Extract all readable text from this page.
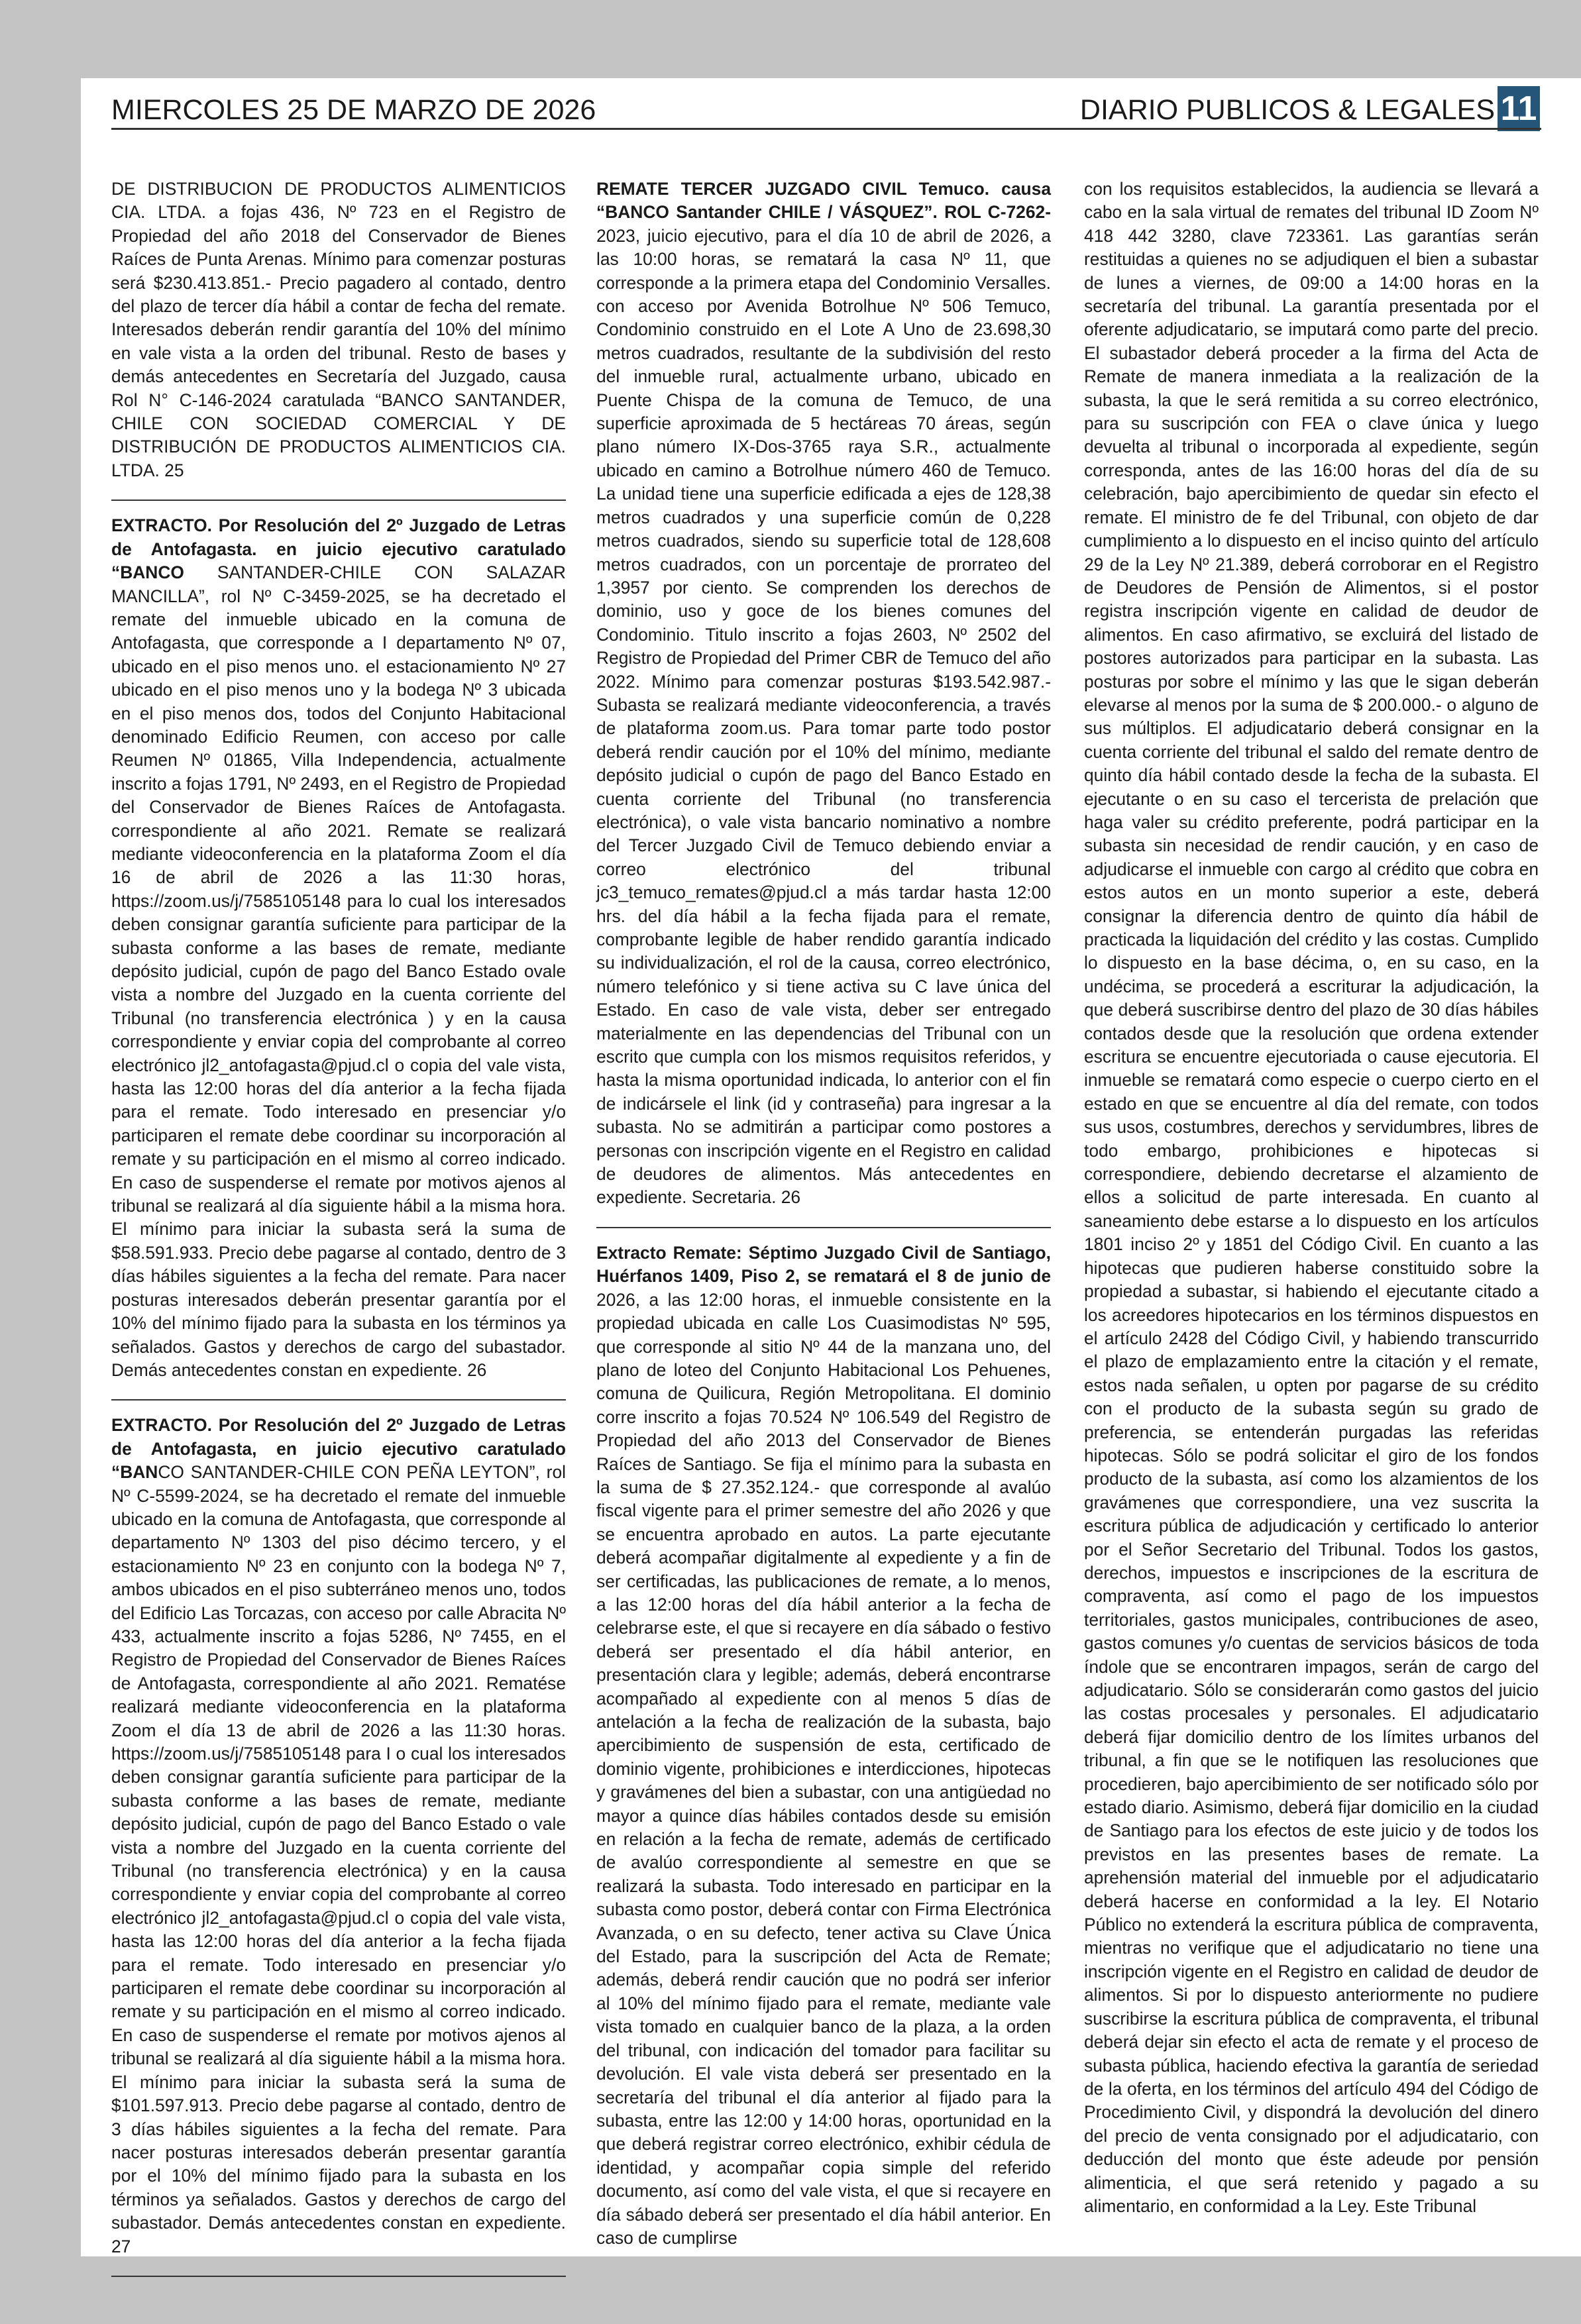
MIERCOLES 25 DE MARZO DE 2026	DIARIO PUBLICOS & LEGALES 11

DE DISTRIBUCION DE PRODUCTOS ALIMENTICIOS CIA. LTDA. a fojas 436, Nº 723 en el Registro de Propiedad del año 2018 del Conservador de Bienes Raíces de Punta Arenas. Mínimo para comenzar posturas será $230.413.851.- Precio pagadero al contado, dentro del plazo de tercer día hábil a contar de fecha del remate. Interesados deberán rendir garantía del 10% del mínimo en vale vista a la orden del tribunal. Resto de bases y demás antecedentes en Secretaría del Juzgado, causa Rol N° C-146-2024 caratulada “BANCO SANTANDER, CHILE CON SOCIEDAD COMERCIAL Y DE DISTRIBUCIÓN DE PRODUCTOS ALIMENTICIOS CIA. LTDA. 25

EXTRACTO. Por Resolución del 2º Juzgado de Letras de Antofagasta. en juicio ejecutivo caratulado “BANCO SANTANDER-CHILE CON SALAZAR MANCILLA”, rol Nº C-3459-2025, se ha decretado el remate del inmueble ubicado en la comuna de Antofagasta, que corresponde a I departamento Nº 07, ubicado en el piso menos uno. el estacionamiento Nº 27 ubicado en el piso menos uno y la bodega Nº 3 ubicada en el piso menos dos, todos del Conjunto Habitacional denominado Edificio Reumen, con acceso por calle Reumen Nº 01865, Villa Independencia, actualmente inscrito a fojas 1791, Nº 2493, en el Registro de Propiedad del Conservador de Bienes Raíces de Antofagasta. correspondiente al año 2021. Remate se realizará mediante videoconferencia en la plataforma Zoom el día 16 de abril de 2026 a las 11:30 horas, https://zoom.us/j/7585105148 para lo cual los interesados deben consignar garantía suficiente para participar de la subasta conforme a las bases de remate, mediante depósito judicial, cupón de pago del Banco Estado ovale vista a nombre del Juzgado en la cuenta corriente del Tribunal (no transferencia electrónica ) y en la causa correspondiente y enviar copia del comprobante al correo electrónico jl2_antofagasta@pjud.cl o copia del vale vista, hasta las 12:00 horas del día anterior a la fecha fijada para el remate. Todo interesado en presenciar y/o participaren el remate debe coordinar su incorporación al remate y su participación en el mismo al correo indicado. En caso de suspenderse el remate por motivos ajenos al tribunal se realizará al día siguiente hábil a la misma hora. El mínimo para iniciar la subasta será la suma de $58.591.933. Precio debe pagarse al contado, dentro de 3 días hábiles siguientes a la fecha del remate. Para nacer posturas interesados deberán presentar garantía por el 10% del mínimo fijado para la subasta en los términos ya señalados. Gastos y derechos de cargo del subastador. Demás antecedentes constan en expediente. 26

EXTRACTO. Por Resolución del 2º Juzgado de Letras de Antofagasta, en juicio ejecutivo caratulado “BANCO SANTANDER-CHILE CON PEÑA LEYTON”, rol Nº C-5599-2024, se ha decretado el remate del inmueble ubicado en la comuna de Antofagasta, que corresponde al departamento Nº 1303 del piso décimo tercero, y el estacionamiento Nº 23 en conjunto con la bodega Nº 7, ambos ubicados en el piso subterráneo menos uno, todos del Edificio Las Torcazas, con acceso por calle Abracita Nº 433, actualmente inscrito a fojas 5286, Nº 7455, en el Registro de Propiedad del Conservador de Bienes Raíces de Antofagasta, correspondiente al año 2021. Rematése realizará mediante videoconferencia en la plataforma Zoom el día 13 de abril de 2026 a las 11:30 horas. https://zoom.us/j/7585105148 para I o cual los interesados deben consignar garantía suficiente para participar de la subasta conforme a las bases de remate, mediante depósito judicial, cupón de pago del Banco Estado o vale vista a nombre del Juzgado en la cuenta corriente del Tribunal (no transferencia electrónica) y en la causa correspondiente y enviar copia del comprobante al correo electrónico jl2_antofagasta@pjud.cl o copia del vale vista, hasta las 12:00 horas del día anterior a la fecha fijada para el remate. Todo interesado en presenciar y/o participaren el remate debe coordinar su incorporación al remate y su participación en el mismo al correo indicado. En caso de suspenderse el remate por motivos ajenos al tribunal se realizará al día siguiente hábil a la misma hora. El mínimo para iniciar la subasta será la suma de $101.597.913. Precio debe pagarse al contado, dentro de 3 días hábiles siguientes a la fecha del remate. Para nacer posturas interesados deberán presentar garantía por el 10% del mínimo fijado para la subasta en los términos ya señalados. Gastos y derechos de cargo del subastador. Demás antecedentes constan en expediente. 27

REMATE TERCER JUZGADO CIVIL Temuco. causa “BANCO Santander CHILE / VÁSQUEZ”. ROL C-7262-2023, juicio ejecutivo, para el día 10 de abril de 2026, a las 10:00 horas, se rematará la casa Nº 11, que corresponde a la primera etapa del Condominio Versalles. con acceso por Avenida Botrolhue Nº 506 Temuco, Condominio construido en el Lote A Uno de 23.698,30 metros cuadrados, resultante de la subdivisión del resto del inmueble rural, actualmente urbano, ubicado en Puente Chispa de la comuna de Temuco, de una superficie aproximada de 5 hectáreas 70 áreas, según plano número IX-Dos-3765 raya S.R., actualmente ubicado en camino a Botrolhue número 460 de Temuco. La unidad tiene una superficie edificada a ejes de 128,38 metros cuadrados y una superficie común de 0,228 metros cuadrados, siendo su superficie total de 128,608 metros cuadrados, con un porcentaje de prorrateo del 1,3957 por ciento. Se comprenden los derechos de dominio, uso y goce de los bienes comunes del Condominio. Titulo inscrito a fojas 2603, Nº 2502 del Registro de Propiedad del Primer CBR de Temuco del año 2022. Mínimo para comenzar posturas $193.542.987.- Subasta se realizará mediante videoconferencia, a través de plataforma zoom.us. Para tomar parte todo postor deberá rendir caución por el 10% del mínimo, mediante depósito judicial o cupón de pago del Banco Estado en cuenta corriente del Tribunal (no transferencia electrónica), o vale vista bancario nominativo a nombre del Tercer Juzgado Civil de Temuco debiendo enviar a correo electrónico del tribunal jc3_temuco_remates@pjud.cl a más tardar hasta 12:00 hrs. del día hábil a la fecha fijada para el remate, comprobante legible de haber rendido garantía indicado su individualización, el rol de la causa, correo electrónico, número telefónico y si tiene activa su C lave única del Estado. En caso de vale vista, deber ser entregado materialmente en las dependencias del Tribunal con un escrito que cumpla con los mismos requisitos referidos, y hasta la misma oportunidad indicada, lo anterior con el fin de indicársele el link (id y contraseña) para ingresar a la subasta. No se admitirán a participar como postores a personas con inscripción vigente en el Registro en calidad de deudores de alimentos. Más antecedentes en expediente. Secretaria. 26

Extracto Remate: Séptimo Juzgado Civil de Santiago, Huérfanos 1409, Piso 2, se rematará el 8 de junio de 2026, a las 12:00 horas, el inmueble consistente en la propiedad ubicada en calle Los Cuasimodistas Nº 595, que corresponde al sitio Nº 44 de la manzana uno, del plano de loteo del Conjunto Habitacional Los Pehuenes, comuna de Quilicura, Región Metropolitana. El dominio corre inscrito a fojas 70.524 Nº 106.549 del Registro de Propiedad del año 2013 del Conservador de Bienes Raíces de Santiago. Se fija el mínimo para la subasta en la suma de $ 27.352.124.- que corresponde al avalúo fiscal vigente para el primer semestre del año 2026 y que se encuentra aprobado en autos. La parte ejecutante deberá acompañar digitalmente al expediente y a fin de ser certificadas, las publicaciones de remate, a lo menos, a las 12:00 horas del día hábil anterior a la fecha de celebrarse este, el que si recayere en día sábado o festivo deberá ser presentado el día hábil anterior, en presentación clara y legible; además, deberá encontrarse acompañado al expediente con al menos 5 días de antelación a la fecha de realización de la subasta, bajo apercibimiento de suspensión de esta, certificado de dominio vigente, prohibiciones e interdicciones, hipotecas y gravámenes del bien a subastar, con una antigüedad no mayor a quince días hábiles contados desde su emisión en relación a la fecha de remate, además de certificado de avalúo correspondiente al semestre en que se realizará la subasta. Todo interesado en participar en la subasta como postor, deberá contar con Firma Electrónica Avanzada, o en su defecto, tener activa su Clave Única del Estado, para la suscripción del Acta de Remate; además, deberá rendir caución que no podrá ser inferior al 10% del mínimo fijado para el remate, mediante vale vista tomado en cualquier banco de la plaza, a la orden del tribunal, con indicación del tomador para facilitar su devolución. El vale vista deberá ser presentado en la secretaría del tribunal el día anterior al fijado para la subasta, entre las 12:00 y 14:00 horas, oportunidad en la que deberá registrar correo electrónico, exhibir cédula de identidad, y acompañar copia simple del referido documento, así como del vale vista, el que si recayere en día sábado deberá ser presentado el día hábil anterior. En caso de cumplirse

con los requisitos establecidos, la audiencia se llevará a cabo en la sala virtual de remates del tribunal ID Zoom Nº 418 442 3280, clave 723361. Las garantías serán restituidas a quienes no se adjudiquen el bien a subastar de lunes a viernes, de 09:00 a 14:00 horas en la secretaría del tribunal. La garantía presentada por el oferente adjudicatario, se imputará como parte del precio. El subastador deberá proceder a la firma del Acta de Remate de manera inmediata a la realización de la subasta, la que le será remitida a su correo electrónico, para su suscripción con FEA o clave única y luego devuelta al tribunal o incorporada al expediente, según corresponda, antes de las 16:00 horas del día de su celebración, bajo apercibimiento de quedar sin efecto el remate. El ministro de fe del Tribunal, con objeto de dar cumplimiento a lo dispuesto en el inciso quinto del artículo 29 de la Ley Nº 21.389, deberá corroborar en el Registro de Deudores de Pensión de Alimentos, si el postor registra inscripción vigente en calidad de deudor de alimentos. En caso afirmativo, se excluirá del listado de postores autorizados para participar en la subasta. Las posturas por sobre el mínimo y las que le sigan deberán elevarse al menos por la suma de $ 200.000.- o alguno de sus múltiplos. El adjudicatario deberá consignar en la cuenta corriente del tribunal el saldo del remate dentro de quinto día hábil contado desde la fecha de la subasta. El ejecutante o en su caso el tercerista de prelación que haga valer su crédito preferente, podrá participar en la subasta sin necesidad de rendir caución, y en caso de adjudicarse el inmueble con cargo al crédito que cobra en estos autos en un monto superior a este, deberá consignar la diferencia dentro de quinto día hábil de practicada la liquidación del crédito y las costas. Cumplido lo dispuesto en la base décima, o, en su caso, en la undécima, se procederá a escriturar la adjudicación, la que deberá suscribirse dentro del plazo de 30 días hábiles contados desde que la resolución que ordena extender escritura se encuentre ejecutoriada o cause ejecutoria. El inmueble se rematará como especie o cuerpo cierto en el estado en que se encuentre al día del remate, con todos sus usos, costumbres, derechos y servidumbres, libres de todo embargo, prohibiciones e hipotecas si correspondiere, debiendo decretarse el alzamiento de ellos a solicitud de parte interesada. En cuanto al saneamiento debe estarse a lo dispuesto en los artículos 1801 inciso 2º y 1851 del Código Civil. En cuanto a las hipotecas que pudieren haberse constituido sobre la propiedad a subastar, si habiendo el ejecutante citado a los acreedores hipotecarios en los términos dispuestos en el artículo 2428 del Código Civil, y habiendo transcurrido el plazo de emplazamiento entre la citación y el remate, estos nada señalen, u opten por pagarse de su crédito con el producto de la subasta según su grado de preferencia, se entenderán purgadas las referidas hipotecas. Sólo se podrá solicitar el giro de los fondos producto de la subasta, así como los alzamientos de los gravámenes que correspondiere, una vez suscrita la escritura pública de adjudicación y certificado lo anterior por el Señor Secretario del Tribunal. Todos los gastos, derechos, impuestos e inscripciones de la escritura de compraventa, así como el pago de los impuestos territoriales, gastos municipales, contribuciones de aseo, gastos comunes y/o cuentas de servicios básicos de toda índole que se encontraren impagos, serán de cargo del adjudicatario. Sólo se considerarán como gastos del juicio las costas procesales y personales. El adjudicatario deberá fijar domicilio dentro de los límites urbanos del tribunal, a fin que se le notifiquen las resoluciones que procedieren, bajo apercibimiento de ser notificado sólo por estado diario. Asimismo, deberá fijar domicilio en la ciudad de Santiago para los efectos de este juicio y de todos los previstos en las presentes bases de remate. La aprehensión material del inmueble por el adjudicatario deberá hacerse en conformidad a la ley. El Notario Público no extenderá la escritura pública de compraventa, mientras no verifique que el adjudicatario no tiene una inscripción vigente en el Registro en calidad de deudor de alimentos. Si por lo dispuesto anteriormente no pudiere suscribirse la escritura pública de compraventa, el tribunal deberá dejar sin efecto el acta de remate y el proceso de subasta pública, haciendo efectiva la garantía de seriedad de la oferta, en los términos del artículo 494 del Código de Procedimiento Civil, y dispondrá la devolución del dinero del precio de venta consignado por el adjudicatario, con deducción del monto que éste adeude por pensión alimenticia, el que será retenido y pagado a su alimentario, en conformidad a la Ley. Este Tribunal
